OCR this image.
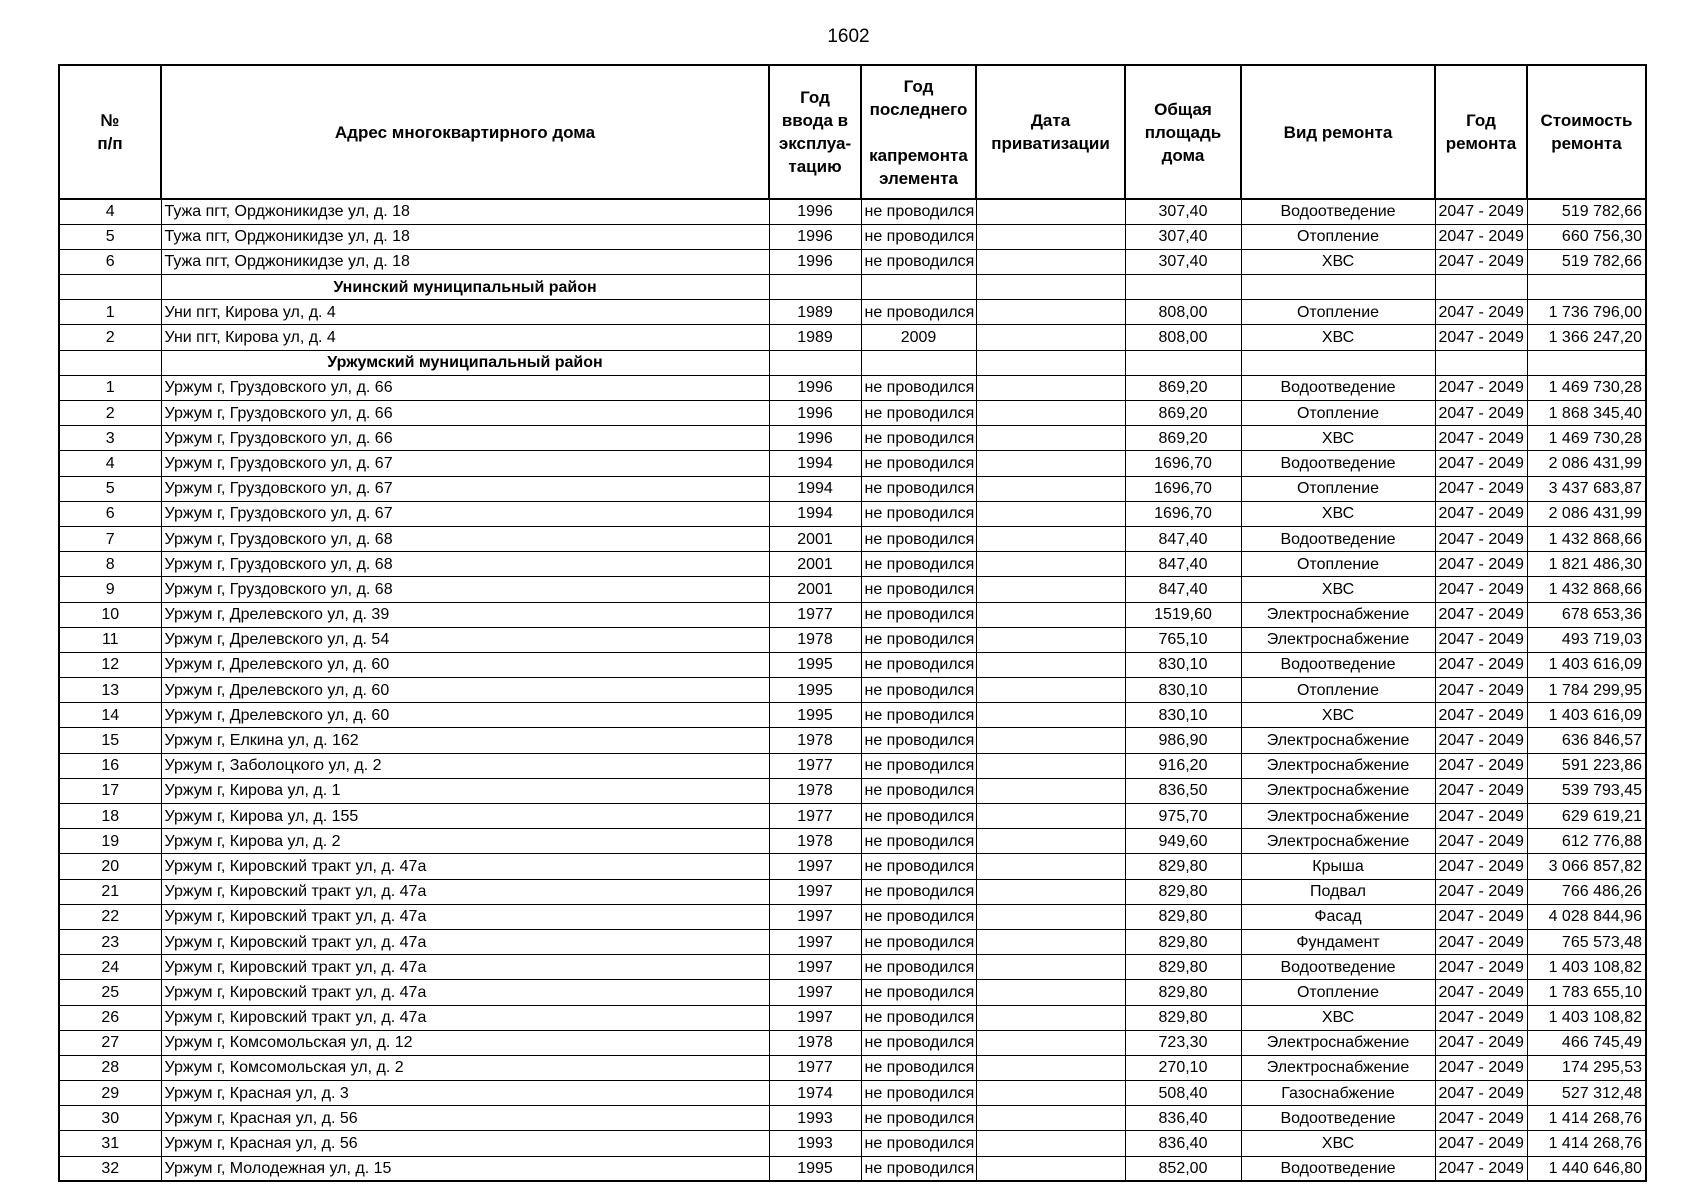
1602
№
п/п	Адрес многоквартирного дома	Год
ввода в
эксплуа-
тацию	Год
последнего
капремонта
элемента	Дата
приватизации	Общая
площадь
дома	Вид ремонта	Год
ремонта	Стоимость
ремонта

4	Тужа пгт, Орджоникидзе ул, д. 18	1996	не проводился		307,40	Водоотведение	2047 - 2049	519 782,66
5	Тужа пгт, Орджоникидзе ул, д. 18	1996	не проводился		307,40	Отопление	2047 - 2049	660 756,30
6	Тужа пгт, Орджоникидзе ул, д. 18	1996	не проводился		307,40	ХВС	2047 - 2049	519 782,66
	Унинский муниципальный район							
1	Уни пгт, Кирова ул, д. 4	1989	не проводился		808,00	Отопление	2047 - 2049	1 736 796,00
2	Уни пгт, Кирова ул, д. 4	1989	2009		808,00	ХВС	2047 - 2049	1 366 247,20
	Уржумский муниципальный район							
1	Уржум г, Груздовского ул, д. 66	1996	не проводился		869,20	Водоотведение	2047 - 2049	1 469 730,28
2	Уржум г, Груздовского ул, д. 66	1996	не проводился		869,20	Отопление	2047 - 2049	1 868 345,40
3	Уржум г, Груздовского ул, д. 66	1996	не проводился		869,20	ХВС	2047 - 2049	1 469 730,28
4	Уржум г, Груздовского ул, д. 67	1994	не проводился		1696,70	Водоотведение	2047 - 2049	2 086 431,99
5	Уржум г, Груздовского ул, д. 67	1994	не проводился		1696,70	Отопление	2047 - 2049	3 437 683,87
6	Уржум г, Груздовского ул, д. 67	1994	не проводился		1696,70	ХВС	2047 - 2049	2 086 431,99
7	Уржум г, Груздовского ул, д. 68	2001	не проводился		847,40	Водоотведение	2047 - 2049	1 432 868,66
8	Уржум г, Груздовского ул, д. 68	2001	не проводился		847,40	Отопление	2047 - 2049	1 821 486,30
9	Уржум г, Груздовского ул, д. 68	2001	не проводился		847,40	ХВС	2047 - 2049	1 432 868,66
10	Уржум г, Дрелевского ул, д. 39	1977	не проводился		1519,60	Электроснабжение	2047 - 2049	678 653,36
11	Уржум г, Дрелевского ул, д. 54	1978	не проводился		765,10	Электроснабжение	2047 - 2049	493 719,03
12	Уржум г, Дрелевского ул, д. 60	1995	не проводился		830,10	Водоотведение	2047 - 2049	1 403 616,09
13	Уржум г, Дрелевского ул, д. 60	1995	не проводился		830,10	Отопление	2047 - 2049	1 784 299,95
14	Уржум г, Дрелевского ул, д. 60	1995	не проводился		830,10	ХВС	2047 - 2049	1 403 616,09
15	Уржум г, Елкина ул, д. 162	1978	не проводился		986,90	Электроснабжение	2047 - 2049	636 846,57
16	Уржум г, Заболоцкого ул, д. 2	1977	не проводился		916,20	Электроснабжение	2047 - 2049	591 223,86
17	Уржум г, Кирова ул, д. 1	1978	не проводился		836,50	Электроснабжение	2047 - 2049	539 793,45
18	Уржум г, Кирова ул, д. 155	1977	не проводился		975,70	Электроснабжение	2047 - 2049	629 619,21
19	Уржум г, Кирова ул, д. 2	1978	не проводился		949,60	Электроснабжение	2047 - 2049	612 776,88
20	Уржум г, Кировский тракт ул, д. 47а	1997	не проводился		829,80	Крыша	2047 - 2049	3 066 857,82
21	Уржум г, Кировский тракт ул, д. 47а	1997	не проводился		829,80	Подвал	2047 - 2049	766 486,26
22	Уржум г, Кировский тракт ул, д. 47а	1997	не проводился		829,80	Фасад	2047 - 2049	4 028 844,96
23	Уржум г, Кировский тракт ул, д. 47а	1997	не проводился		829,80	Фундамент	2047 - 2049	765 573,48
24	Уржум г, Кировский тракт ул, д. 47а	1997	не проводился		829,80	Водоотведение	2047 - 2049	1 403 108,82
25	Уржум г, Кировский тракт ул, д. 47а	1997	не проводился		829,80	Отопление	2047 - 2049	1 783 655,10
26	Уржум г, Кировский тракт ул, д. 47а	1997	не проводился		829,80	ХВС	2047 - 2049	1 403 108,82
27	Уржум г, Комсомольская ул, д. 12	1978	не проводился		723,30	Электроснабжение	2047 - 2049	466 745,49
28	Уржум г, Комсомольская ул, д. 2	1977	не проводился		270,10	Электроснабжение	2047 - 2049	174 295,53
29	Уржум г, Красная ул, д. 3	1974	не проводился		508,40	Газоснабжение	2047 - 2049	527 312,48
30	Уржум г, Красная ул, д. 56	1993	не проводился		836,40	Водоотведение	2047 - 2049	1 414 268,76
31	Уржум г, Красная ул, д. 56	1993	не проводился		836,40	ХВС	2047 - 2049	1 414 268,76
32	Уржум г, Молодежная ул, д. 15	1995	не проводился		852,00	Водоотведение	2047 - 2049	1 440 646,80
